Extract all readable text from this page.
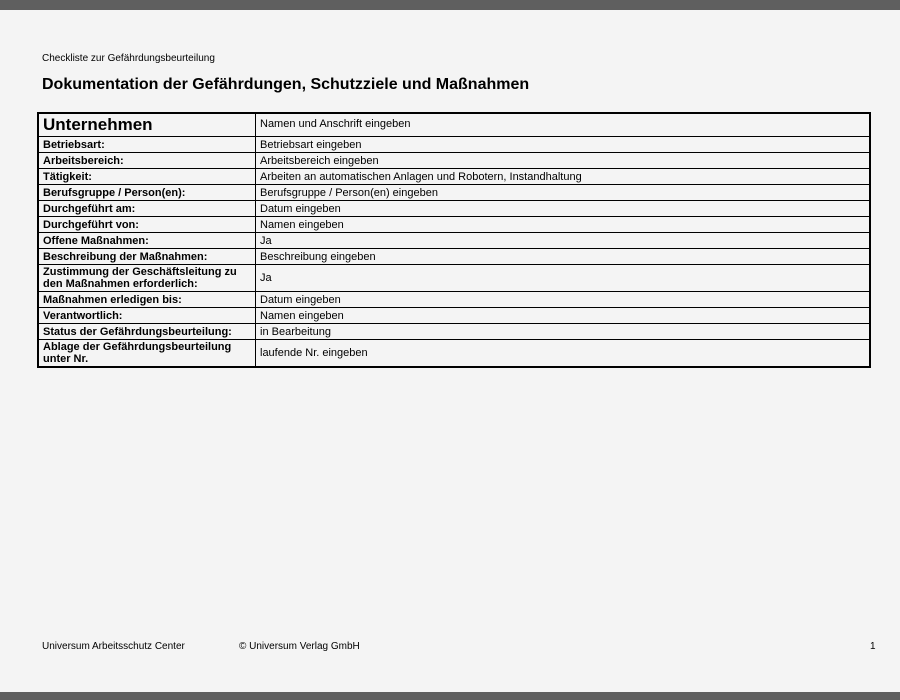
Checkliste zur Gefährdungsbeurteilung
Dokumentation der Gefährdungen, Schutzziele und Maßnahmen
Unternehmen	Namen und Anschrift eingeben
Betriebsart:	Betriebsart eingeben
Arbeitsbereich:	Arbeitsbereich eingeben
Tätigkeit:	Arbeiten an automatischen Anlagen und Robotern, Instandhaltung
Berufsgruppe / Person(en):	Berufsgruppe / Person(en) eingeben
Durchgeführt am:	Datum eingeben
Durchgeführt von:	Namen eingeben
Offene Maßnahmen:	Ja
Beschreibung der Maßnahmen:	Beschreibung eingeben
Zustimmung der Geschäftsleitung zu den Maßnahmen erforderlich:	Ja
Maßnahmen erledigen bis:	Datum eingeben
Verantwortlich:	Namen eingeben
Status der Gefährdungsbeurteilung:	in Bearbeitung
Ablage der Gefährdungsbeurteilung unter Nr.	laufende Nr. eingeben
Universum Arbeitsschutz Center	© Universum Verlag GmbH	1
